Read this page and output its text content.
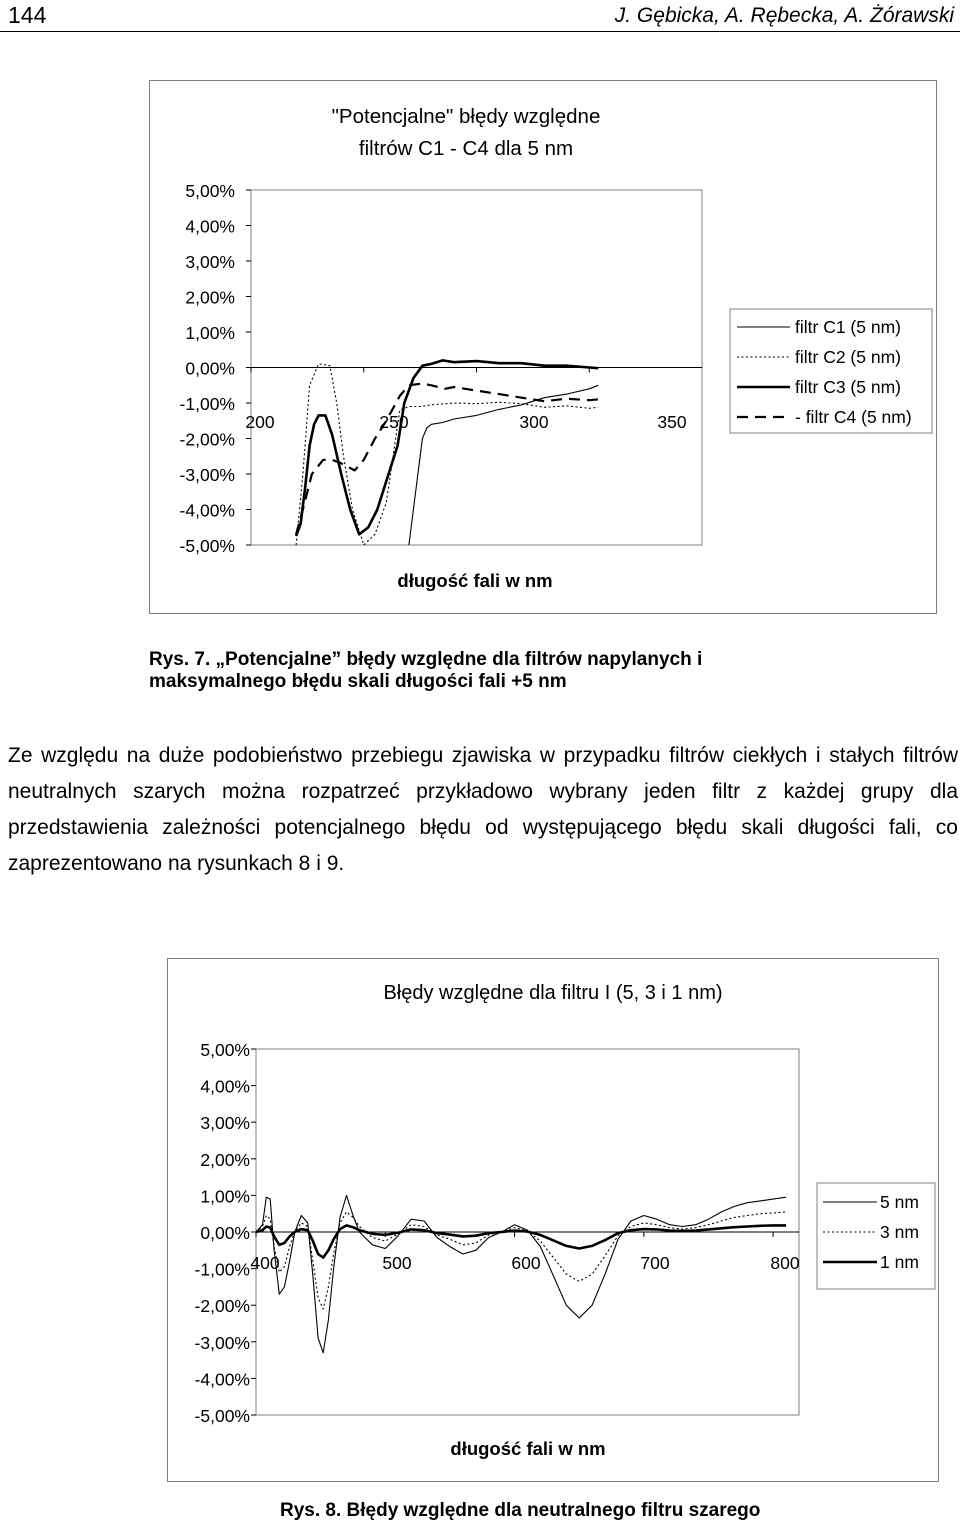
144	J. Gębicka, A. Rębecka, A. Żórawski
"Potencjalne" błędy względne
filtrów C1 - C4 dla 5 nm
5,00%
4,00%
3,00%
2,00%
1,00%
0,00%
-1,00%
-2,00%
-3,00%
-4,00%
-5,00%
200	250	300	350
długość fali w nm
filtr C1 (5 nm)
filtr C2 (5 nm)
filtr C3 (5 nm)
- filtr C4 (5 nm)
Rys. 7. „Potencjalne” błędy względne dla filtrów napylanych i maksymalnego błędu skali długości fali +5 nm
Ze względu na duże podobieństwo przebiegu zjawiska w przypadku filtrów ciekłych i stałych filtrów neutralnych szarych można rozpatrzeć przykładowo wybrany jeden filtr z każdej grupy dla przedstawienia zależności potencjalnego błędu od występującego błędu skali długości fali, co zaprezentowano na rysunkach 8 i 9.
Błędy względne dla filtru I (5, 3 i 1 nm)
5,00%
4,00%
3,00%
2,00%
1,00%
0,00%
-1,00%
-2,00%
-3,00%
-4,00%
-5,00%
400	500	600	700	800
długość fali w nm
5 nm
3 nm
1 nm
Rys. 8. Błędy względne dla neutralnego filtru szarego
